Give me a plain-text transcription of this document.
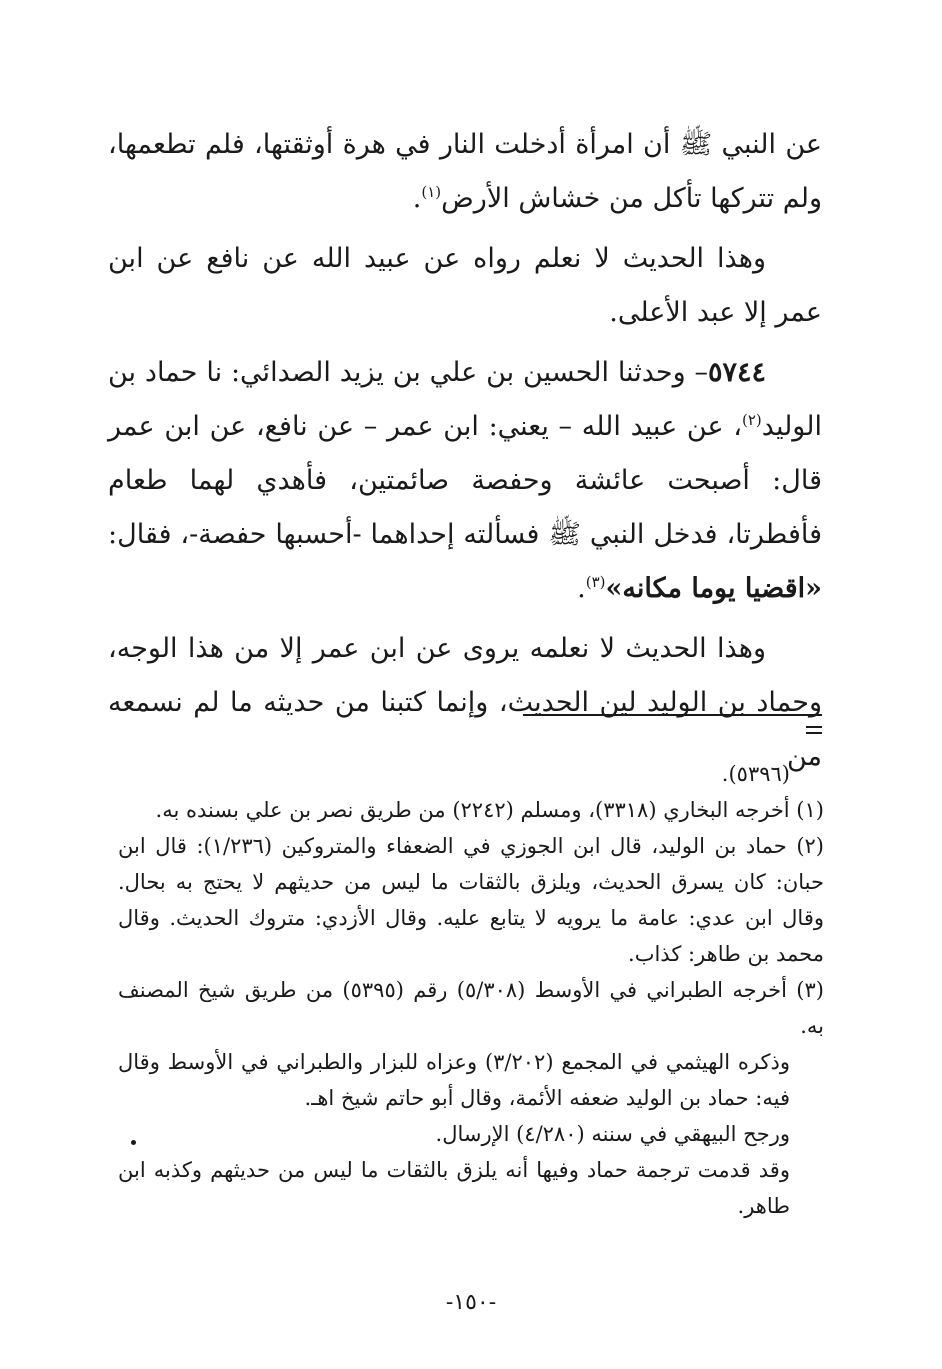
عن النبي ﷺ أن امرأة أدخلت النار في هرة أوثقتها، فلم تطعمها، ولم تتركها تأكل من خشاش الأرض$^{(١)}$.

وهذا الحديث لا نعلم رواه عن عبيد الله عن نافع عن ابن عمر إلا عبد الأعلى.

٥٧٤٤– وحدثنا الحسين بن علي بن يزيد الصدائي: نا حماد بن الوليد$^{(٢)}$، عن عبيد الله – يعني: ابن عمر – عن نافع، عن ابن عمر قال: أصبحت عائشة وحفصة صائمتين، فأهدي لهما طعام فأفطرتا، فدخل النبي ﷺ فسألته إحداهما -أحسبها حفصة-، فقال: «اقضيا يوما مكانه»$^{(٣)}$.

وهذا الحديث لا نعلمه يروى عن ابن عمر إلا من هذا الوجه، وحماد بن الوليد لين الحديث، وإنما كتبنا من حديثه ما لم نسمعه من

(٥٣٩٦).

(١) أخرجه البخاري (٣٣١٨)، ومسلم (٢٢٤٢) من طريق نصر بن علي بسنده به.

(٢) حماد بن الوليد، قال ابن الجوزي في الضعفاء والمتروكين (١/٢٣٦): قال ابن حبان: كان يسرق الحديث، ويلزق بالثقات ما ليس من حديثهم لا يحتج به بحال. وقال ابن عدي: عامة ما يرويه لا يتابع عليه. وقال الأزدي: متروك الحديث. وقال محمد بن طاهر: كذاب.

(٣) أخرجه الطبراني في الأوسط (٥/٣٠٨) رقم (٥٣٩٥) من طريق شيخ المصنف به.

وذكره الهيثمي في المجمع (٣/٢٠٢) وعزاه للبزار والطبراني في الأوسط وقال فيه: حماد بن الوليد ضعفه الأئمة، وقال أبو حاتم شيخ اهـ.

ورجح البيهقي في سننه (٤/٢٨٠) الإرسال.

وقد قدمت ترجمة حماد وفيها أنه يلزق بالثقات ما ليس من حديثهم وكذبه ابن طاهر.

-١٥٠-
